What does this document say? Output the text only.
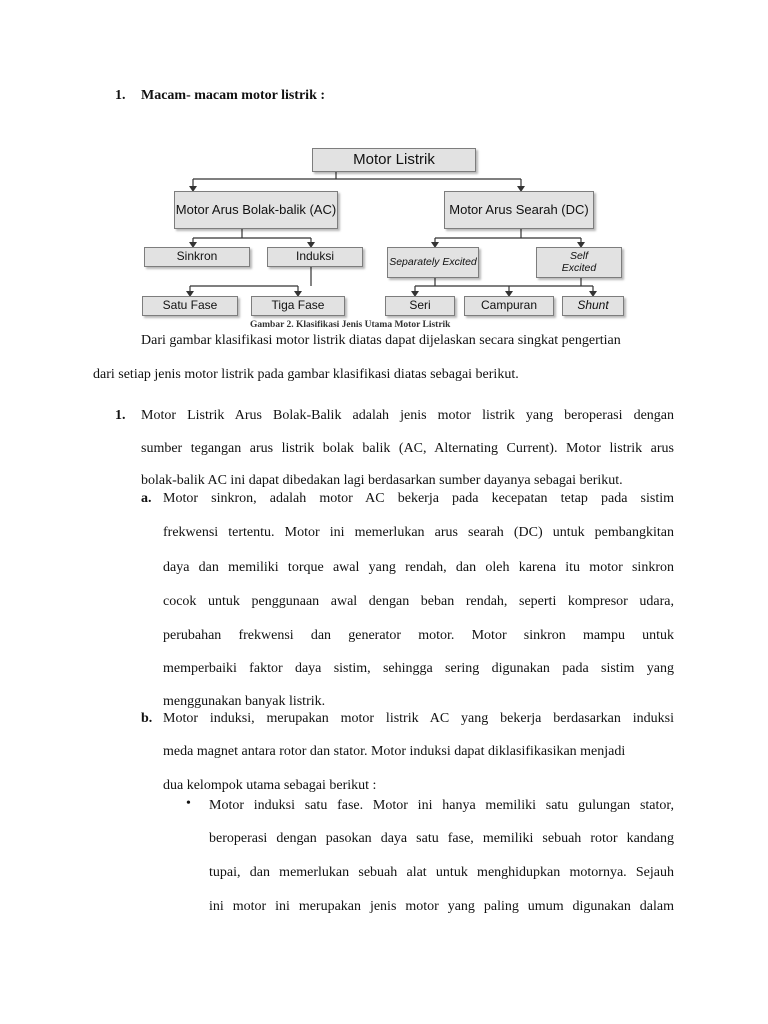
1. Macam- macam motor listrik :
Motor Listrik
Motor Arus Bolak-balik (AC)	Motor Arus Searah (DC)
Sinkron	Induksi	Separately Excited	Self Excited
Satu Fase	Tiga Fase	Seri	Campuran	Shunt
Gambar 2. Klasifikasi Jenis Utama Motor Listrik
Dari gambar klasifikasi motor listrik diatas dapat dijelaskan secara singkat pengertian
dari setiap jenis motor listrik pada gambar klasifikasi diatas sebagai berikut.
1. Motor Listrik Arus Bolak-Balik adalah jenis motor listrik yang beroperasi dengan
sumber tegangan arus listrik bolak balik (AC, Alternating Current). Motor listrik arus
bolak-balik AC ini dapat dibedakan lagi berdasarkan sumber dayanya sebagai berikut.
a. Motor sinkron, adalah motor AC bekerja pada kecepatan tetap pada sistim
frekwensi tertentu. Motor ini memerlukan arus searah (DC) untuk pembangkitan
daya dan memiliki torque awal yang rendah, dan oleh karena itu motor sinkron
cocok untuk penggunaan awal dengan beban rendah, seperti kompresor udara,
perubahan frekwensi dan generator motor. Motor sinkron mampu untuk
memperbaiki faktor daya sistim, sehingga sering digunakan pada sistim yang
menggunakan banyak listrik.
b. Motor induksi, merupakan motor listrik AC yang bekerja berdasarkan induksi
meda magnet antara rotor dan stator. Motor induksi dapat diklasifikasikan menjadi
dua kelompok utama sebagai berikut :
• Motor induksi satu fase. Motor ini hanya memiliki satu gulungan stator,
beroperasi dengan pasokan daya satu fase, memiliki sebuah rotor kandang
tupai, dan memerlukan sebuah alat untuk menghidupkan motornya. Sejauh
ini motor ini merupakan jenis motor yang paling umum digunakan dalam
